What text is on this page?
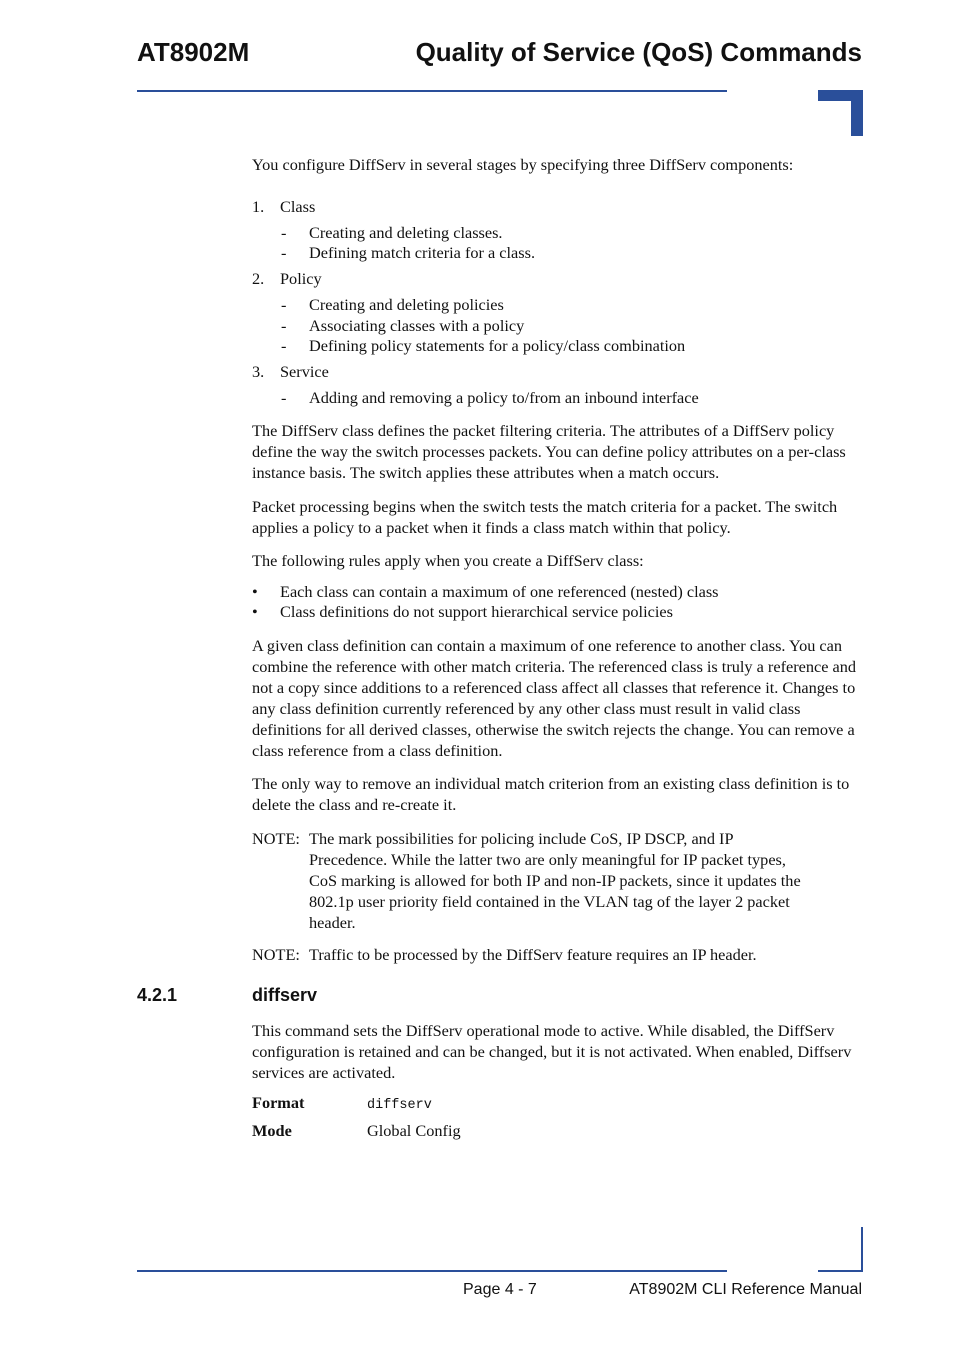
AT8902M	Quality of Service (QoS) Commands

You configure DiffServ in several stages by specifying three DiffServ components:

1. Class
- Creating and deleting classes.
- Defining match criteria for a class.
2. Policy
- Creating and deleting policies
- Associating classes with a policy
- Defining policy statements for a policy/class combination
3. Service
- Adding and removing a policy to/from an inbound interface

The DiffServ class defines the packet filtering criteria. The attributes of a DiffServ policy define the way the switch processes packets. You can define policy attributes on a per-class instance basis. The switch applies these attributes when a match occurs.

Packet processing begins when the switch tests the match criteria for a packet. The switch applies a policy to a packet when it finds a class match within that policy.

The following rules apply when you create a DiffServ class:

• Each class can contain a maximum of one referenced (nested) class
• Class definitions do not support hierarchical service policies

A given class definition can contain a maximum of one reference to another class. You can combine the reference with other match criteria. The referenced class is truly a reference and not a copy since additions to a referenced class affect all classes that reference it. Changes to any class definition currently referenced by any other class must result in valid class definitions for all derived classes, otherwise the switch rejects the change. You can remove a class reference from a class definition.

The only way to remove an individual match criterion from an existing class definition is to delete the class and re-create it.

NOTE: The mark possibilities for policing include CoS, IP DSCP, and IP Precedence. While the latter two are only meaningful for IP packet types, CoS marking is allowed for both IP and non-IP packets, since it updates the 802.1p user priority field contained in the VLAN tag of the layer 2 packet header.

NOTE: Traffic to be processed by the DiffServ feature requires an IP header.

4.2.1	diffserv

This command sets the DiffServ operational mode to active. While disabled, the DiffServ configuration is retained and can be changed, but it is not activated. When enabled, Diffserv services are activated.

Format	diffserv
Mode	Global Config
Page 4 - 7	AT8902M CLI Reference Manual
